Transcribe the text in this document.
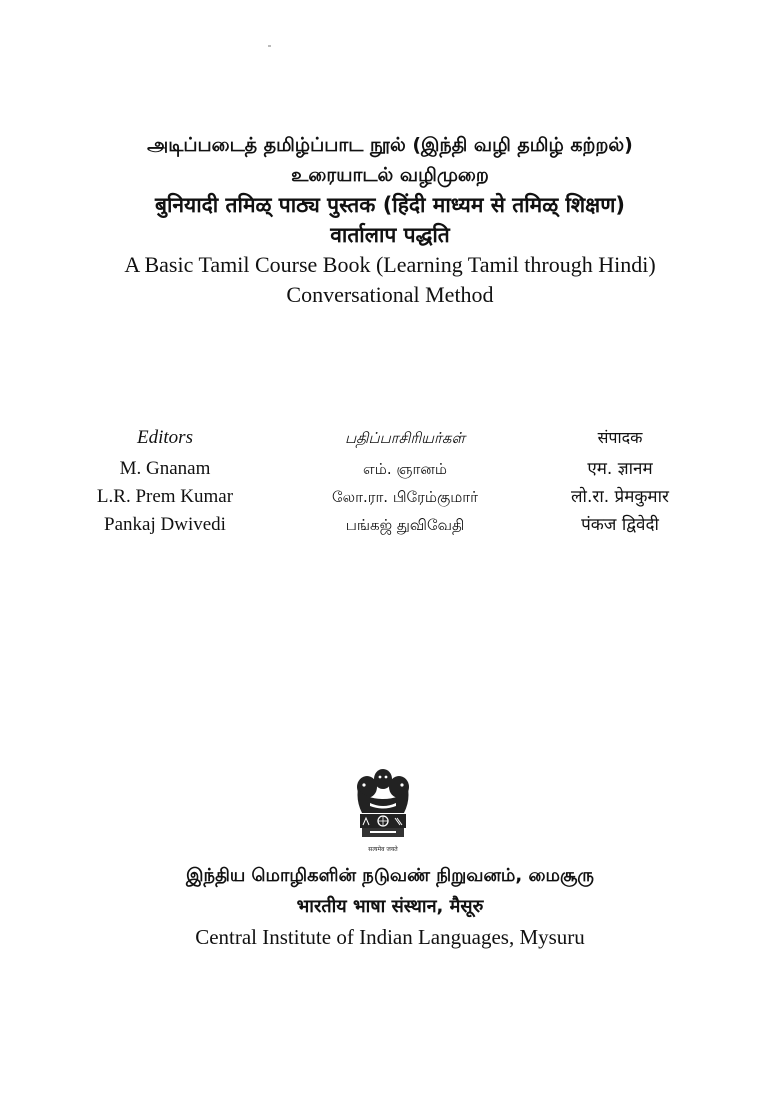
அடிப்படைத் தமிழ்ப்பாட நூல் (இந்தி வழி தமிழ் கற்றல்)
உரையாடல் வழிமுறை
बुनियादी तमिळ् पाठ्य पुस्तक (हिंदी माध्यम से तमिळ् शिक्षण)
वार्तालाप पद्धति
A Basic Tamil Course Book (Learning Tamil through Hindi)
Conversational Method
Editors
M. Gnanam
L.R. Prem Kumar
Pankaj Dwivedi
பதிப்பாசிரியர்கள்
எம். ஞானம்
லோ.ரா. பிரேம்குமார்
பங்கஜ் துவிவேதி
संपादक
एम. ज्ञानम
लो.रा. प्रेमकुमार
पंकज द्विवेदी
सत्यमेव जयते
இந்திய மொழிகளின் நடுவண் நிறுவனம், மைசூரு
भारतीय भाषा संस्थान, मैसूरु
Central Institute of Indian Languages, Mysuru
